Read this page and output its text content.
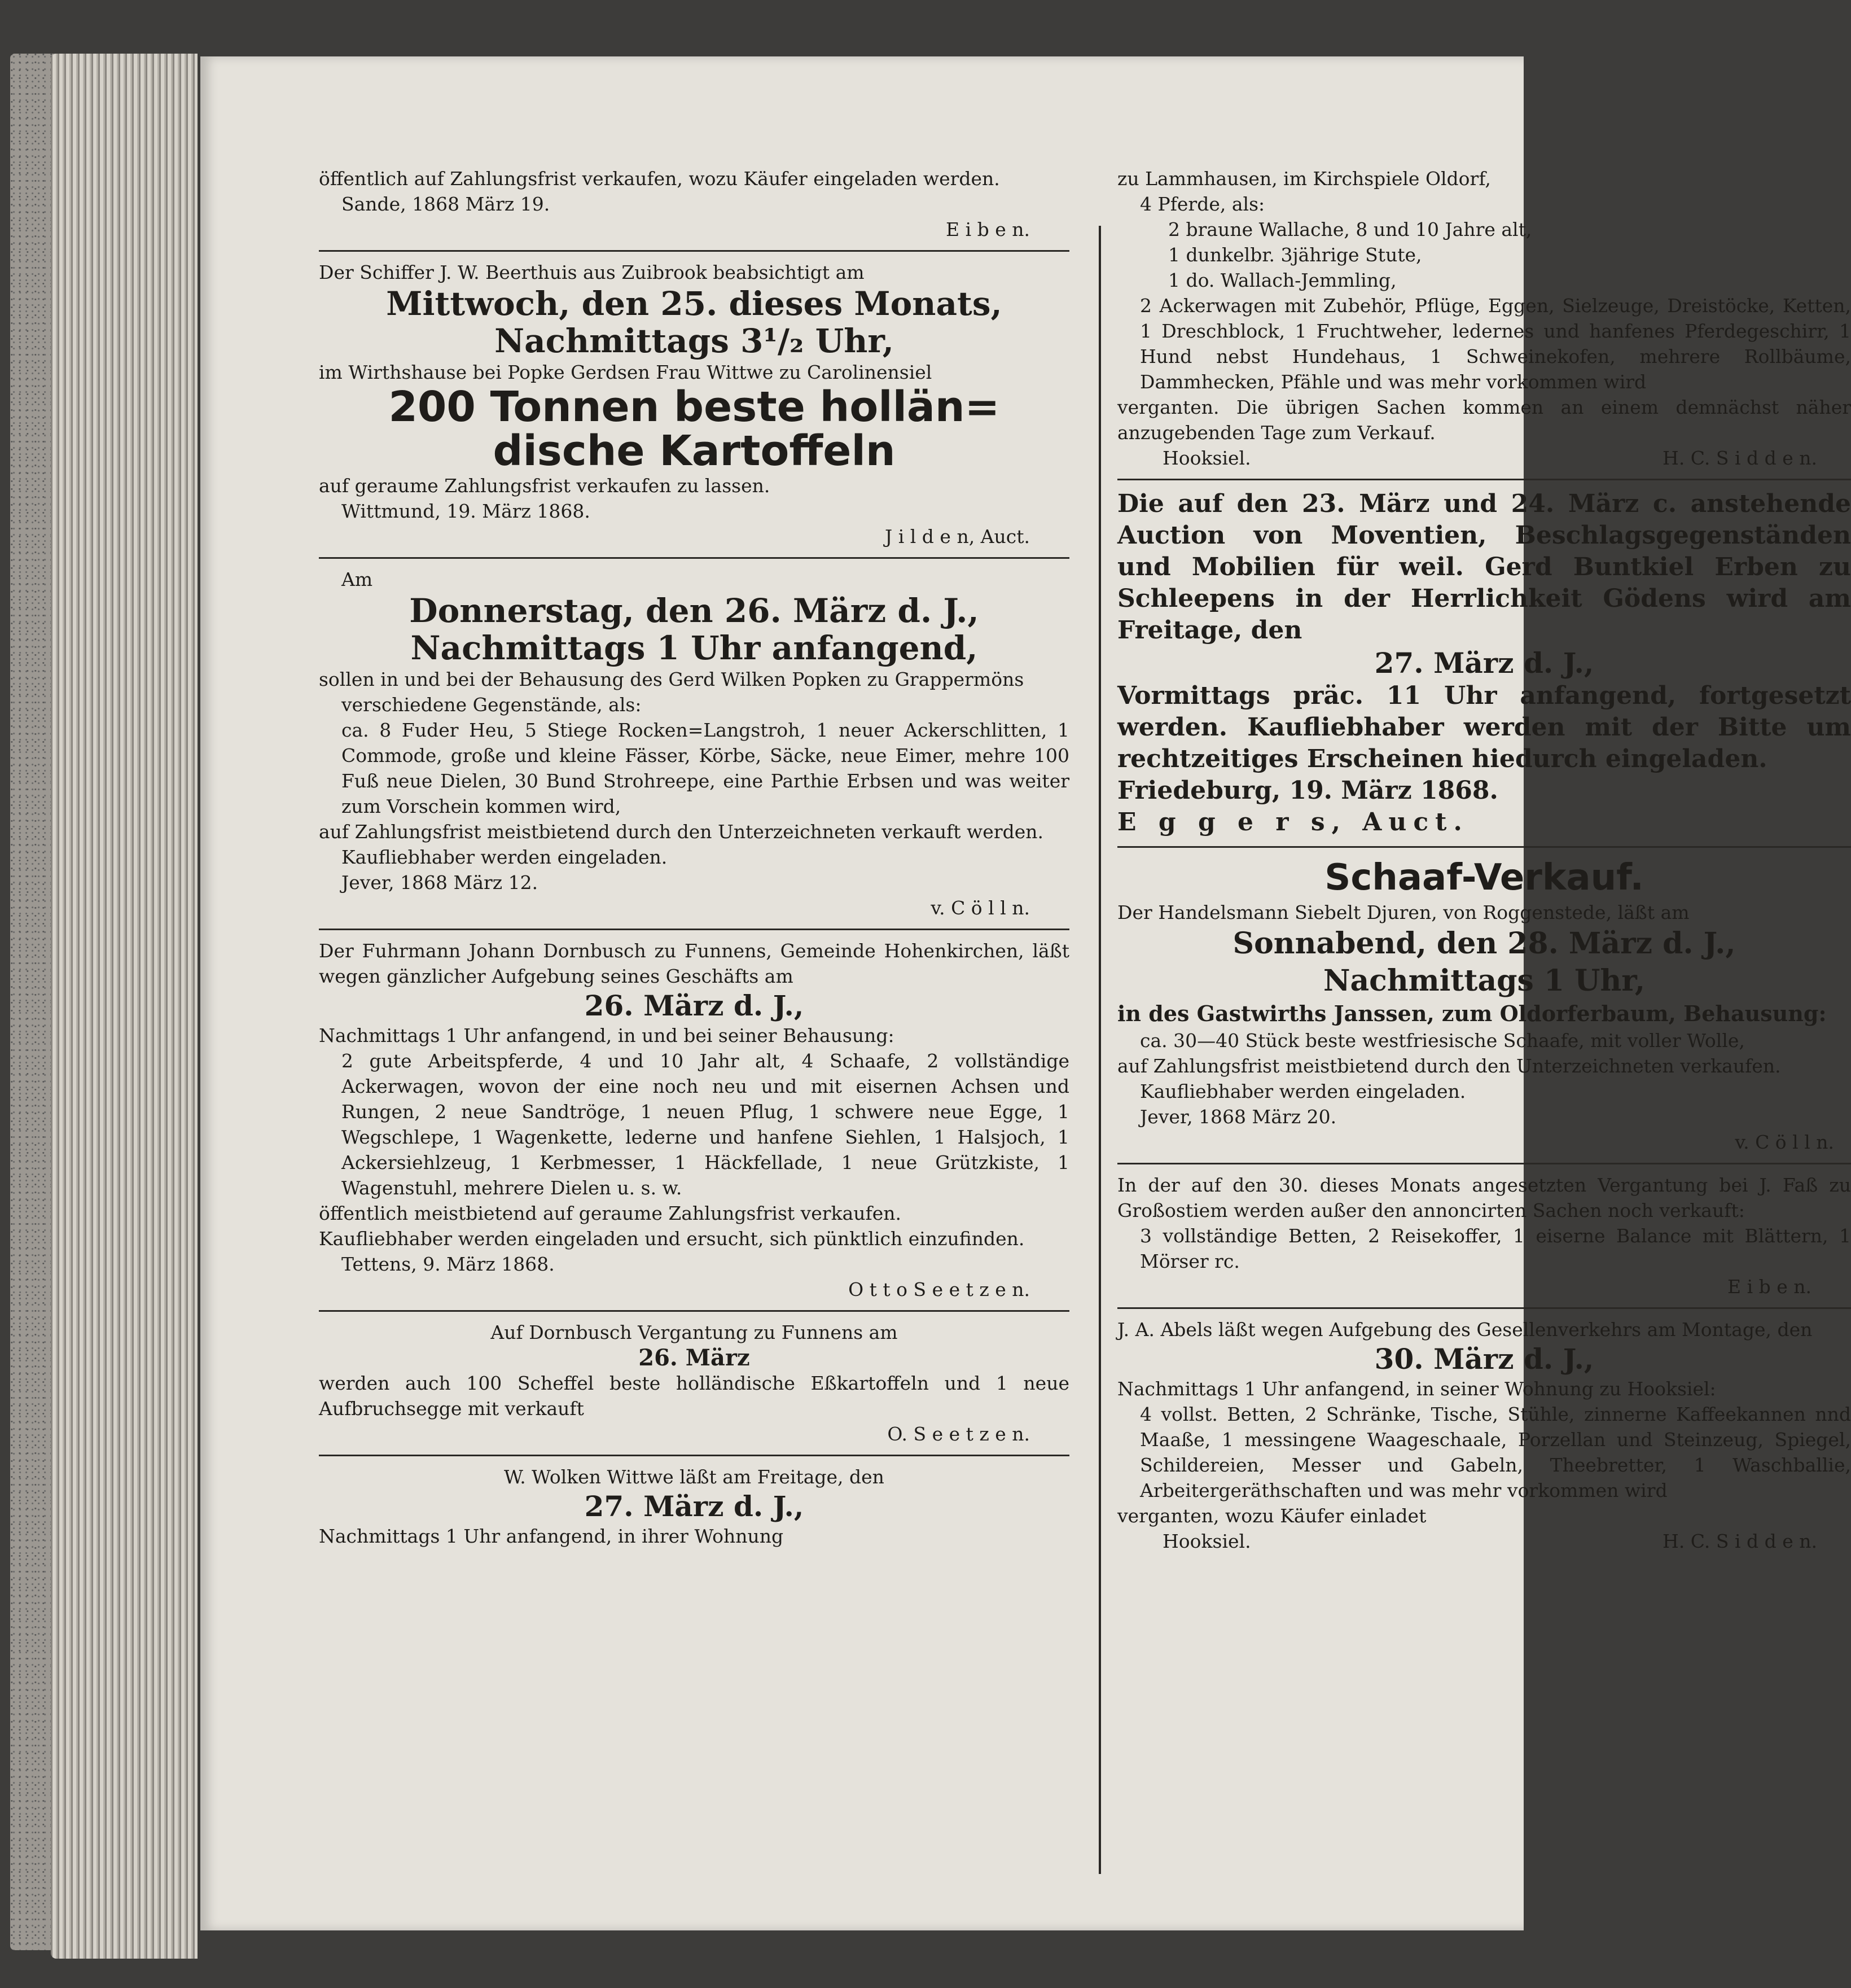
öffentlich auf Zahlungsfrist verkaufen, wozu Käufer eingeladen werden.
Sande, 1868 März 19.
E i b e n.
Der Schiffer J. W. Beerthuis aus Zuibrook beabsichtigt am
Mittwoch, den 25. dieses Monats,
Nachmittags 3¹/₂ Uhr,
im Wirthshause bei Popke Gerdsen Frau Wittwe zu Carolinensiel
200 Tonnen beste hollän=
dische Kartoffeln
auf geraume Zahlungsfrist verkaufen zu lassen.
Wittmund, 19. März 1868.
J i l d e n, Auct.
Am
Donnerstag, den 26. März d. J.,
Nachmittags 1 Uhr anfangend,
sollen in und bei der Behausung des Gerd Wilken Popken zu Grappermöns
verschiedene Gegenstände, als:
ca. 8 Fuder Heu, 5 Stiege Rocken=Langstroh, 1 neuer Ackerschlitten, 1 Commode, große und kleine Fässer, Körbe, Säcke, neue Eimer, mehre 100 Fuß neue Dielen, 30 Bund Strohreepe, eine Parthie Erbsen und was weiter zum Vorschein kommen wird,
auf Zahlungsfrist meistbietend durch den Unterzeichneten verkauft werden.
Kaufliebhaber werden eingeladen.
Jever, 1868 März 12.
v. C ö l l n.
Der Fuhrmann Johann Dornbusch zu Funnens, Gemeinde Hohenkirchen, läßt wegen gänzlicher Aufgebung seines Geschäfts am
26. März d. J.,
Nachmittags 1 Uhr anfangend, in und bei seiner Behausung:
2 gute Arbeitspferde, 4 und 10 Jahr alt, 4 Schaafe, 2 vollständige Ackerwagen, wovon der eine noch neu und mit eisernen Achsen und Rungen, 2 neue Sandtröge, 1 neuen Pflug, 1 schwere neue Egge, 1 Wegschlepe, 1 Wagenkette, lederne und hanfene Siehlen, 1 Halsjoch, 1 Ackersiehlzeug, 1 Kerbmesser, 1 Häckfellade, 1 neue Grützkiste, 1 Wagenstuhl, mehrere Dielen u. s. w.
öffentlich meistbietend auf geraume Zahlungsfrist verkaufen.
Kaufliebhaber werden eingeladen und ersucht, sich pünktlich einzufinden.
Tettens, 9. März 1868.
O t t o S e e t z e n.
Auf Dornbusch Vergantung zu Funnens am
26. März
werden auch 100 Scheffel beste holländische Eßkartoffeln und 1 neue Aufbruchsegge mit verkauft
O. S e e t z e n.
W. Wolken Wittwe läßt am Freitage, den
27. März d. J.,
Nachmittags 1 Uhr anfangend, in ihrer Wohnung
zu Lammhausen, im Kirchspiele Oldorf,
4 Pferde, als:
2 braune Wallache, 8 und 10 Jahre alt,
1 dunkelbr. 3jährige Stute,
1 do. Wallach-Jemmling,
2 Ackerwagen mit Zubehör, Pflüge, Eggen, Sielzeuge, Dreistöcke, Ketten, 1 Dreschblock, 1 Fruchtweher, ledernes und hanfenes Pferdegeschirr, 1 Hund nebst Hundehaus, 1 Schweinekofen, mehrere Rollbäume, Dammhecken, Pfähle und was mehr vorkommen wird
verganten. Die übrigen Sachen kommen an einem demnächst näher anzugebenden Tage zum Verkauf.
Hooksiel.	H. C. S i d d e n.
Die auf den 23. März und 24. März c. anstehende Auction von Moventien, Beschlagsgegenständen und Mobilien für weil. Gerd Buntkiel Erben zu Schleepens in der Herrlichkeit Gödens wird am Freitage, den
27. März d. J.,
Vormittags präc. 11 Uhr anfangend, fortgesetzt werden. Kaufliebhaber werden mit der Bitte um rechtzeitiges Erscheinen hiedurch eingeladen.
Friedeburg, 19. März 1868.
E g g e r s, Auct.
Schaaf-Verkauf.
Der Handelsmann Siebelt Djuren, von Roggenstede, läßt am
Sonnabend, den 28. März d. J.,
Nachmittags 1 Uhr,
in des Gastwirths Janssen, zum Oldorferbaum, Behausung:
ca. 30—40 Stück beste westfriesische Schaafe, mit voller Wolle,
auf Zahlungsfrist meistbietend durch den Unterzeichneten verkaufen.
Kaufliebhaber werden eingeladen.
Jever, 1868 März 20.
v. C ö l l n.
In der auf den 30. dieses Monats angesetzten Vergantung bei J. Faß zu Großostiem werden außer den annoncirten Sachen noch verkauft:
3 vollständige Betten, 2 Reisekoffer, 1 eiserne Balance mit Blättern, 1 Mörser rc.
E i b e n.
J. A. Abels läßt wegen Aufgebung des Gesellenverkehrs am Montage, den
30. März d. J.,
Nachmittags 1 Uhr anfangend, in seiner Wohnung zu Hooksiel:
4 vollst. Betten, 2 Schränke, Tische, Stühle, zinnerne Kaffeekannen nnd Maaße, 1 messingene Waageschaale, Porzellan und Steinzeug, Spiegel, Schildereien, Messer und Gabeln, Theebretter, 1 Waschballie, Arbeitergeräthschaften und was mehr vorkommen wird
verganten, wozu Käufer einladet
Hooksiel.	H. C. S i d d e n.
